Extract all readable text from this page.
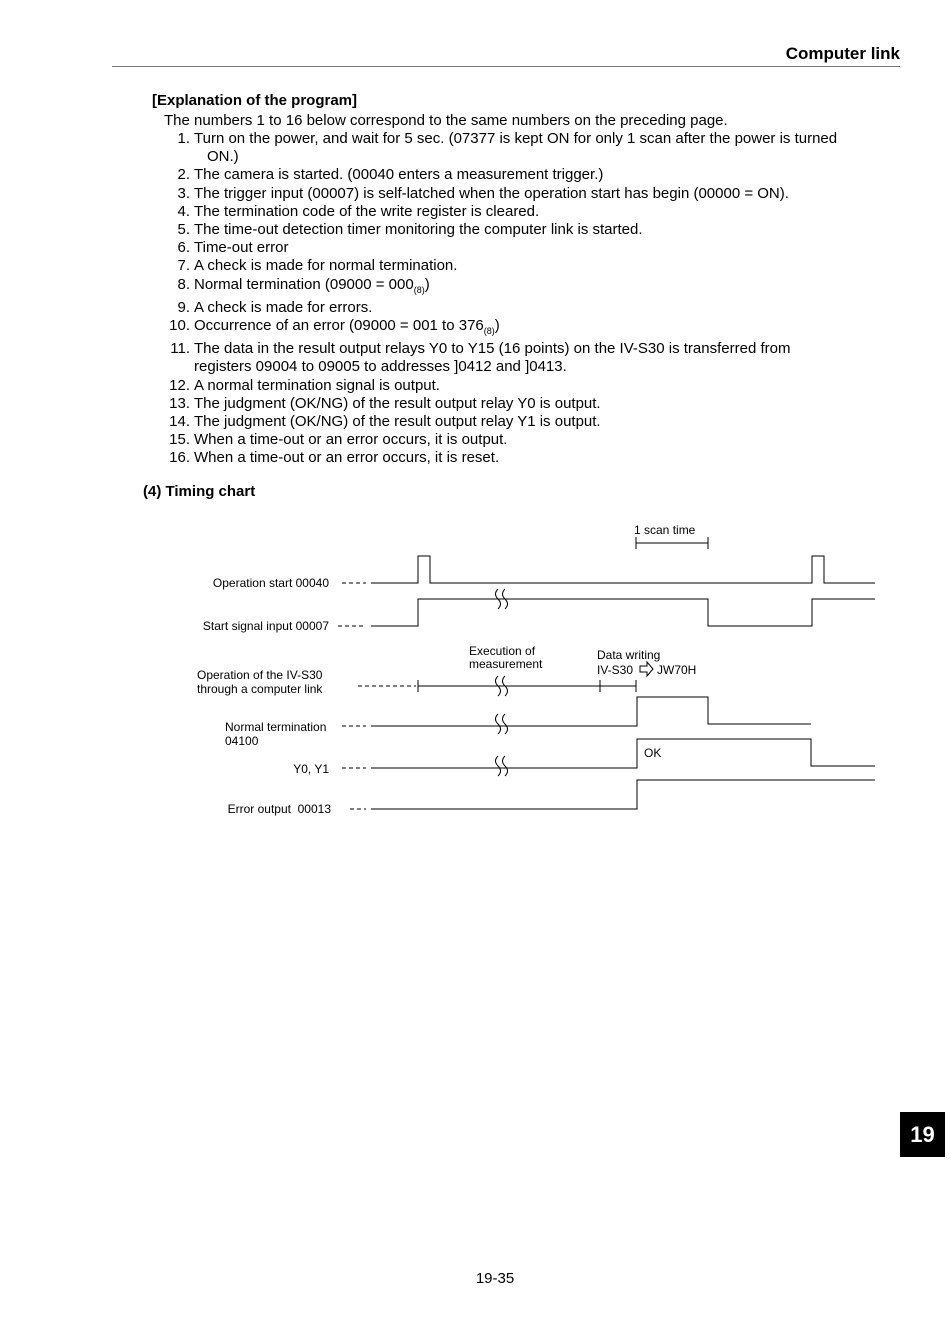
Computer link
[Explanation of the program]
The numbers 1 to 16 below correspond to the same numbers on the preceding page.
1. Turn on the power, and wait for 5 sec. (07377 is kept ON for only 1 scan after the power is turned
ON.)
2. The camera is started. (00040 enters a measurement trigger.)
3. The trigger input (00007) is self-latched when the operation start has begin (00000 = ON).
4. The termination code of the write register is cleared.
5. The time-out detection timer monitoring the computer link is started.
6. Time-out error
7. A check is made for normal termination.
8. Normal termination $(09000 = 000_{(8)})$
9. A check is made for errors.
10. Occurrence of an error (09000 = 001 to $376_{(8)}$)
11. The data in the result output relays Y0 to Y15 (16 points) on the IV-S30 is transferred from
registers 09004 to 09005 to addresses ]0412 and ]0413.
12. A normal termination signal is output.
13. The judgment (OK/NG) of the result output relay Y0 is output.
14. The judgment (OK/NG) of the result output relay Y1 is output.
15. When a time-out or an error occurs, it is output.
16. When a time-out or an error occurs, it is reset.
(4) Timing chart
1 scan time
Execution of
measurement
Data writing
IV-S30 JW70H
OK
Operation start 00040
Start signal input 00007
Operation of the IV-S30
through a computer link
Normal termination
04100
Y0, Y1
Error output  00013
19
19-35
